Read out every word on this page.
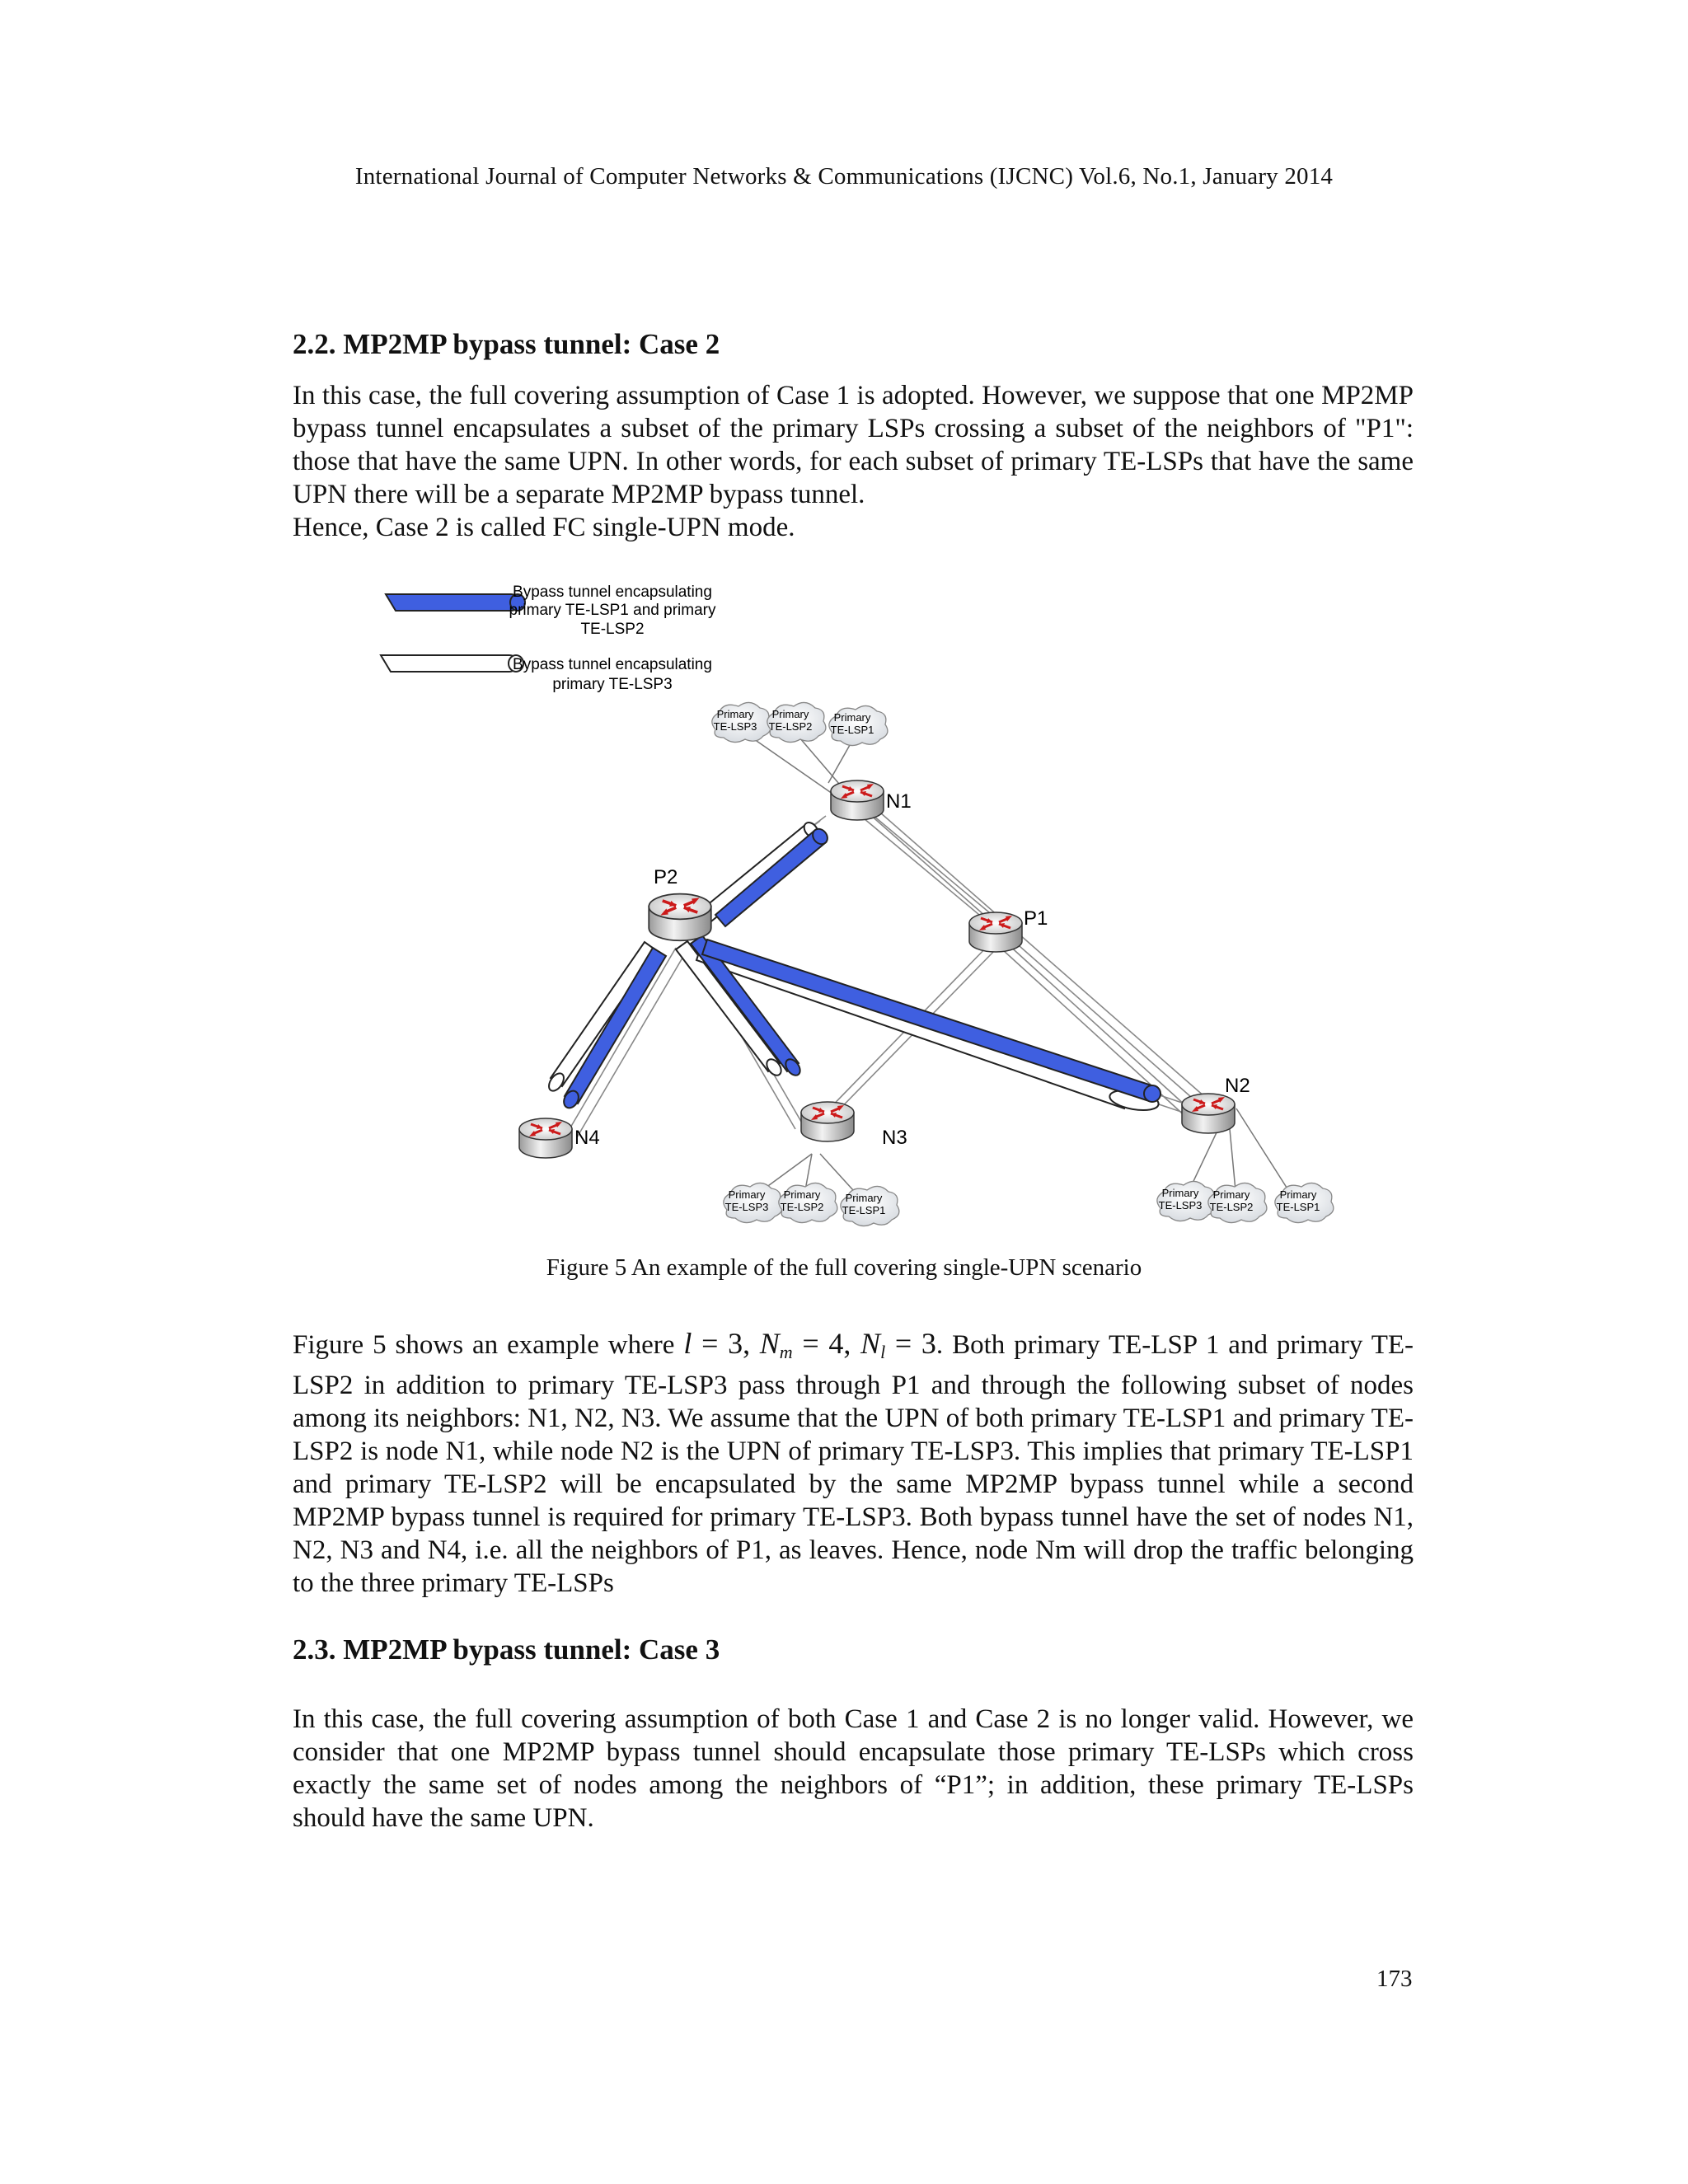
International Journal of Computer Networks & Communications (IJCNC) Vol.6, No.1, January 2014
2.2. MP2MP bypass tunnel: Case 2

In this case, the full covering assumption of Case 1 is adopted. However, we suppose that one MP2MP bypass tunnel encapsulates a subset of the primary LSPs crossing a subset of the neighbors of "P1": those that have the same UPN. In other words, for each subset of primary TE-LSPs that have the same UPN there will be a separate MP2MP bypass tunnel.

Hence, Case 2 is called FC single-UPN mode.

Bypass tunnel encapsulating
primary TE-LSP1 and primary
TE-LSP2
Bypass tunnel encapsulating
primary TE-LSP3
Primary
TE-LSP3
Primary
TE-LSP2
Primary
TE-LSP1
Primary
TE-LSP3
Primary
TE-LSP2
Primary
TE-LSP1
Primary
TE-LSP3
Primary
TE-LSP2
Primary
TE-LSP1
N1
P2
P1
N2
N3
N4
Figure 5 An example of the full covering single-UPN scenario

Figure 5 shows an example where l = 3, Nm = 4, Nl = 3. Both primary TE-LSP 1 and primary TE-LSP2 in addition to primary TE-LSP3 pass through P1 and through the following subset of nodes among its neighbors: N1, N2, N3. We assume that the UPN of both primary TE-LSP1 and primary TE-LSP2 is node N1, while node N2 is the UPN of primary TE-LSP3. This implies that primary TE-LSP1 and primary TE-LSP2 will be encapsulated by the same MP2MP bypass tunnel while a second MP2MP bypass tunnel is required for primary TE-LSP3. Both bypass tunnel have the set of nodes N1, N2, N3 and N4, i.e. all the neighbors of P1, as leaves. Hence, node Nm will drop the traffic belonging to the three primary TE-LSPs

2.3. MP2MP bypass tunnel: Case 3

In this case, the full covering assumption of both Case 1 and Case 2 is no longer valid. However, we consider that one MP2MP bypass tunnel should encapsulate those primary TE-LSPs which cross exactly the same set of nodes among the neighbors of “P1”; in addition, these primary TE-LSPs should have the same UPN.

173
